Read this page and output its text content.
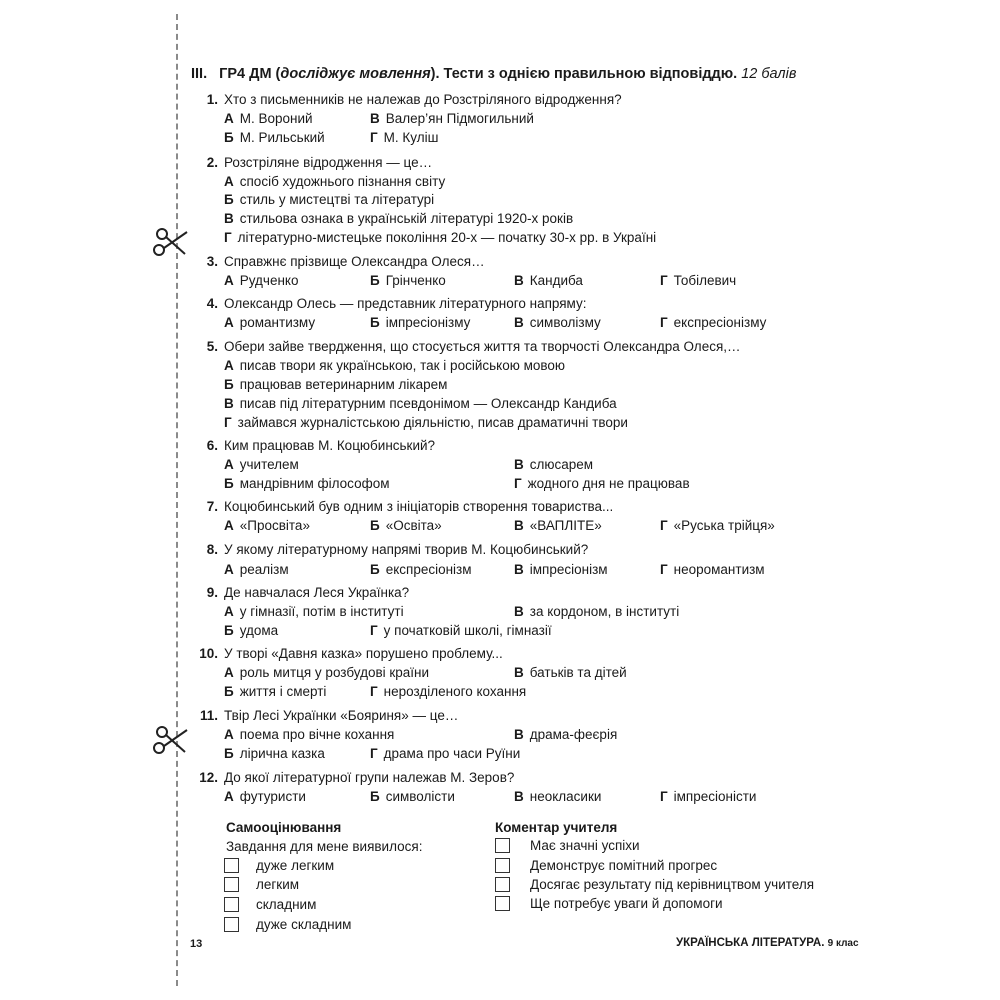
III. ГР4 ДМ (досліджує мовлення). Тести з однією правильною відповіддю. 12 балів
1. Хто з письменників не належав до Розстріляного відродження?
А М. Вороний	В Валер’ян Підмогильний
Б М. Рильський	Г М. Куліш
2. Розстріляне відродження — це…
А спосіб художнього пізнання світу
Б стиль у мистецтві та літературі
В стильова ознака в українській літературі 1920-х років
Г літературно-мистецьке покоління 20-х — початку 30-х рр. в Україні
3. Справжнє прізвище Олександра Олеся…
А Рудченко	Б Грінченко	В Кандиба	Г Тобілевич
4. Олександр Олесь — представник літературного напряму:
А романтизму	Б імпресіонізму	В символізму	Г експресіонізму
5. Обери зайве твердження, що стосується життя та творчості Олександра Олеся,…
А писав твори як українською, так і російською мовою
Б працював ветеринарним лікарем
В писав під літературним псевдонімом — Олександр Кандиба
Г займався журналістською діяльністю, писав драматичні твори
6. Ким працював М. Коцюбинський?
А учителем	В слюсарем
Б мандрівним філософом	Г жодного дня не працював
7. Коцюбинський був одним з ініціаторів створення товариства...
А «Просвіта»	Б «Освіта»	В «ВАПЛІТЕ»	Г «Руська трійця»
8. У якому літературному напрямі творив М. Коцюбинський?
А реалізм	Б експресіонізм	В імпресіонізм	Г неоромантизм
9. Де навчалася Леся Українка?
А у гімназії, потім в інституті	В за кордоном, в інституті
Б удома	Г у початковій школі, гімназії
10. У творі «Давня казка» порушено проблему...
А роль митця у розбудові країни	В батьків та дітей
Б життя і смерті	Г нерозділеного кохання
11. Твір Лесі Українки «Бояриня» — це…
А поема про вічне кохання	В драма-феєрія
Б лірична казка	Г драма про часи Руїни
12. До якої літературної групи належав М. Зеров?
А футуристи	Б символісти	В неокласики	Г імпресіоністи
Самооцінювання
Завдання для мене виявилося:
дуже легким
легким
складним
дуже складним
Коментар учителя
Має значні успіхи
Демонструє помітний прогрес
Досягає результату під керівництвом учителя
Ще потребує уваги й допомоги
13	УКРАЇНСЬКА ЛІТЕРАТУРА. 9 клас
